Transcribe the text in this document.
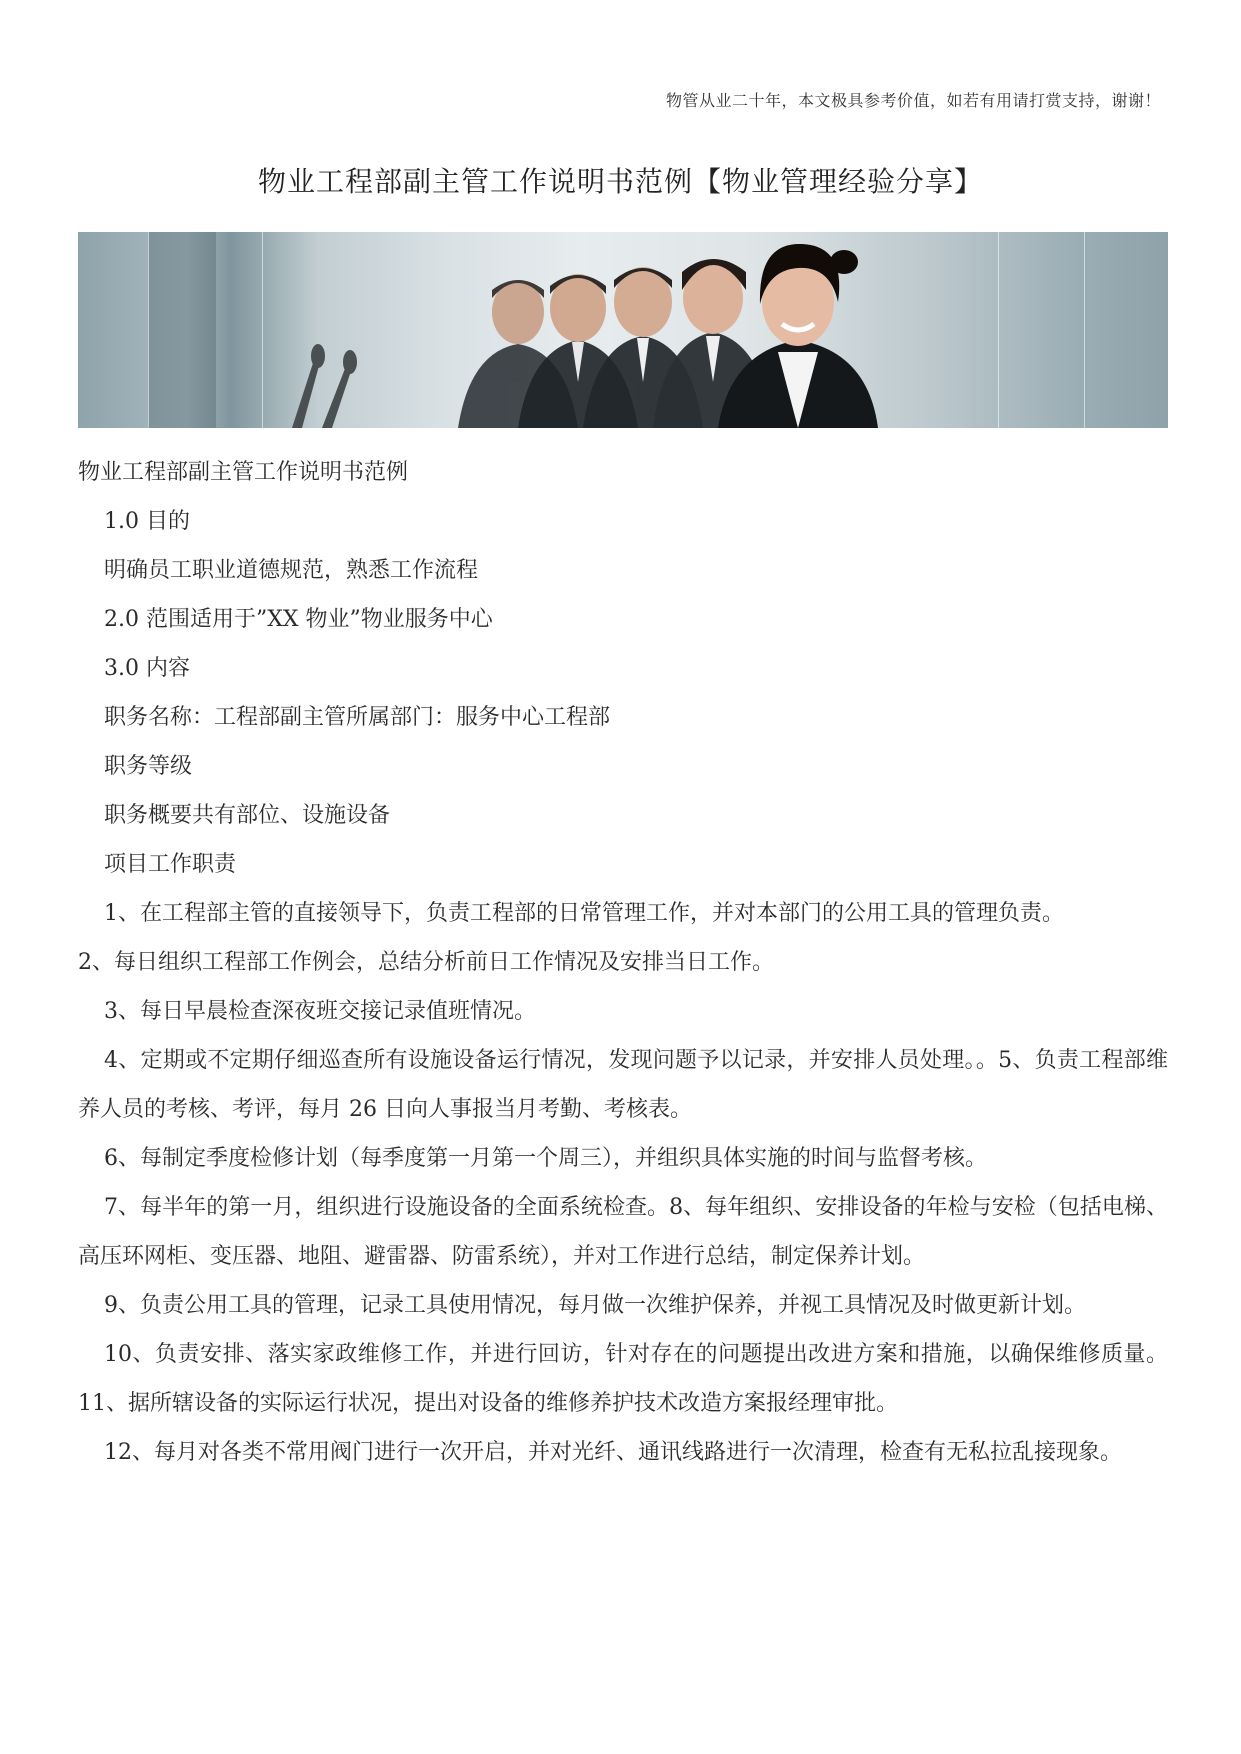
物管从业二十年，本文极具参考价值，如若有用请打赏支持，谢谢！
物业工程部副主管工作说明书范例【物业管理经验分享】

物业工程部副主管工作说明书范例

1.0 目的

明确员工职业道德规范，熟悉工作流程

2.0 范围适用于”XX 物业”物业服务中心

3.0 内容

职务名称：工程部副主管所属部门：服务中心工程部

职务等级

职务概要共有部位、设施设备

项目工作职责

1、在工程部主管的直接领导下，负责工程部的日常管理工作，并对本部门的公用工具的管理负责。

2、每日组织工程部工作例会，总结分析前日工作情况及安排当日工作。

3、每日早晨检查深夜班交接记录值班情况。

4、定期或不定期仔细巡查所有设施设备运行情况，发现问题予以记录，并安排人员处理。。5、负责工程部维养人员的考核、考评，每月 26 日向人事报当月考勤、考核表。

6、每制定季度检修计划（每季度第一月第一个周三），并组织具体实施的时间与监督考核。

7、每半年的第一月，组织进行设施设备的全面系统检查。8、每年组织、安排设备的年检与安检（包括电梯、高压环网柜、变压器、地阻、避雷器、防雷系统），并对工作进行总结，制定保养计划。

9、负责公用工具的管理，记录工具使用情况，每月做一次维护保养，并视工具情况及时做更新计划。

10、负责安排、落实家政维修工作，并进行回访，针对存在的问题提出改进方案和措施，以确保维修质量。11、据所辖设备的实际运行状况，提出对设备的维修养护技术改造方案报经理审批。

12、每月对各类不常用阀门进行一次开启，并对光纤、通讯线路进行一次清理，检查有无私拉乱接现象。
